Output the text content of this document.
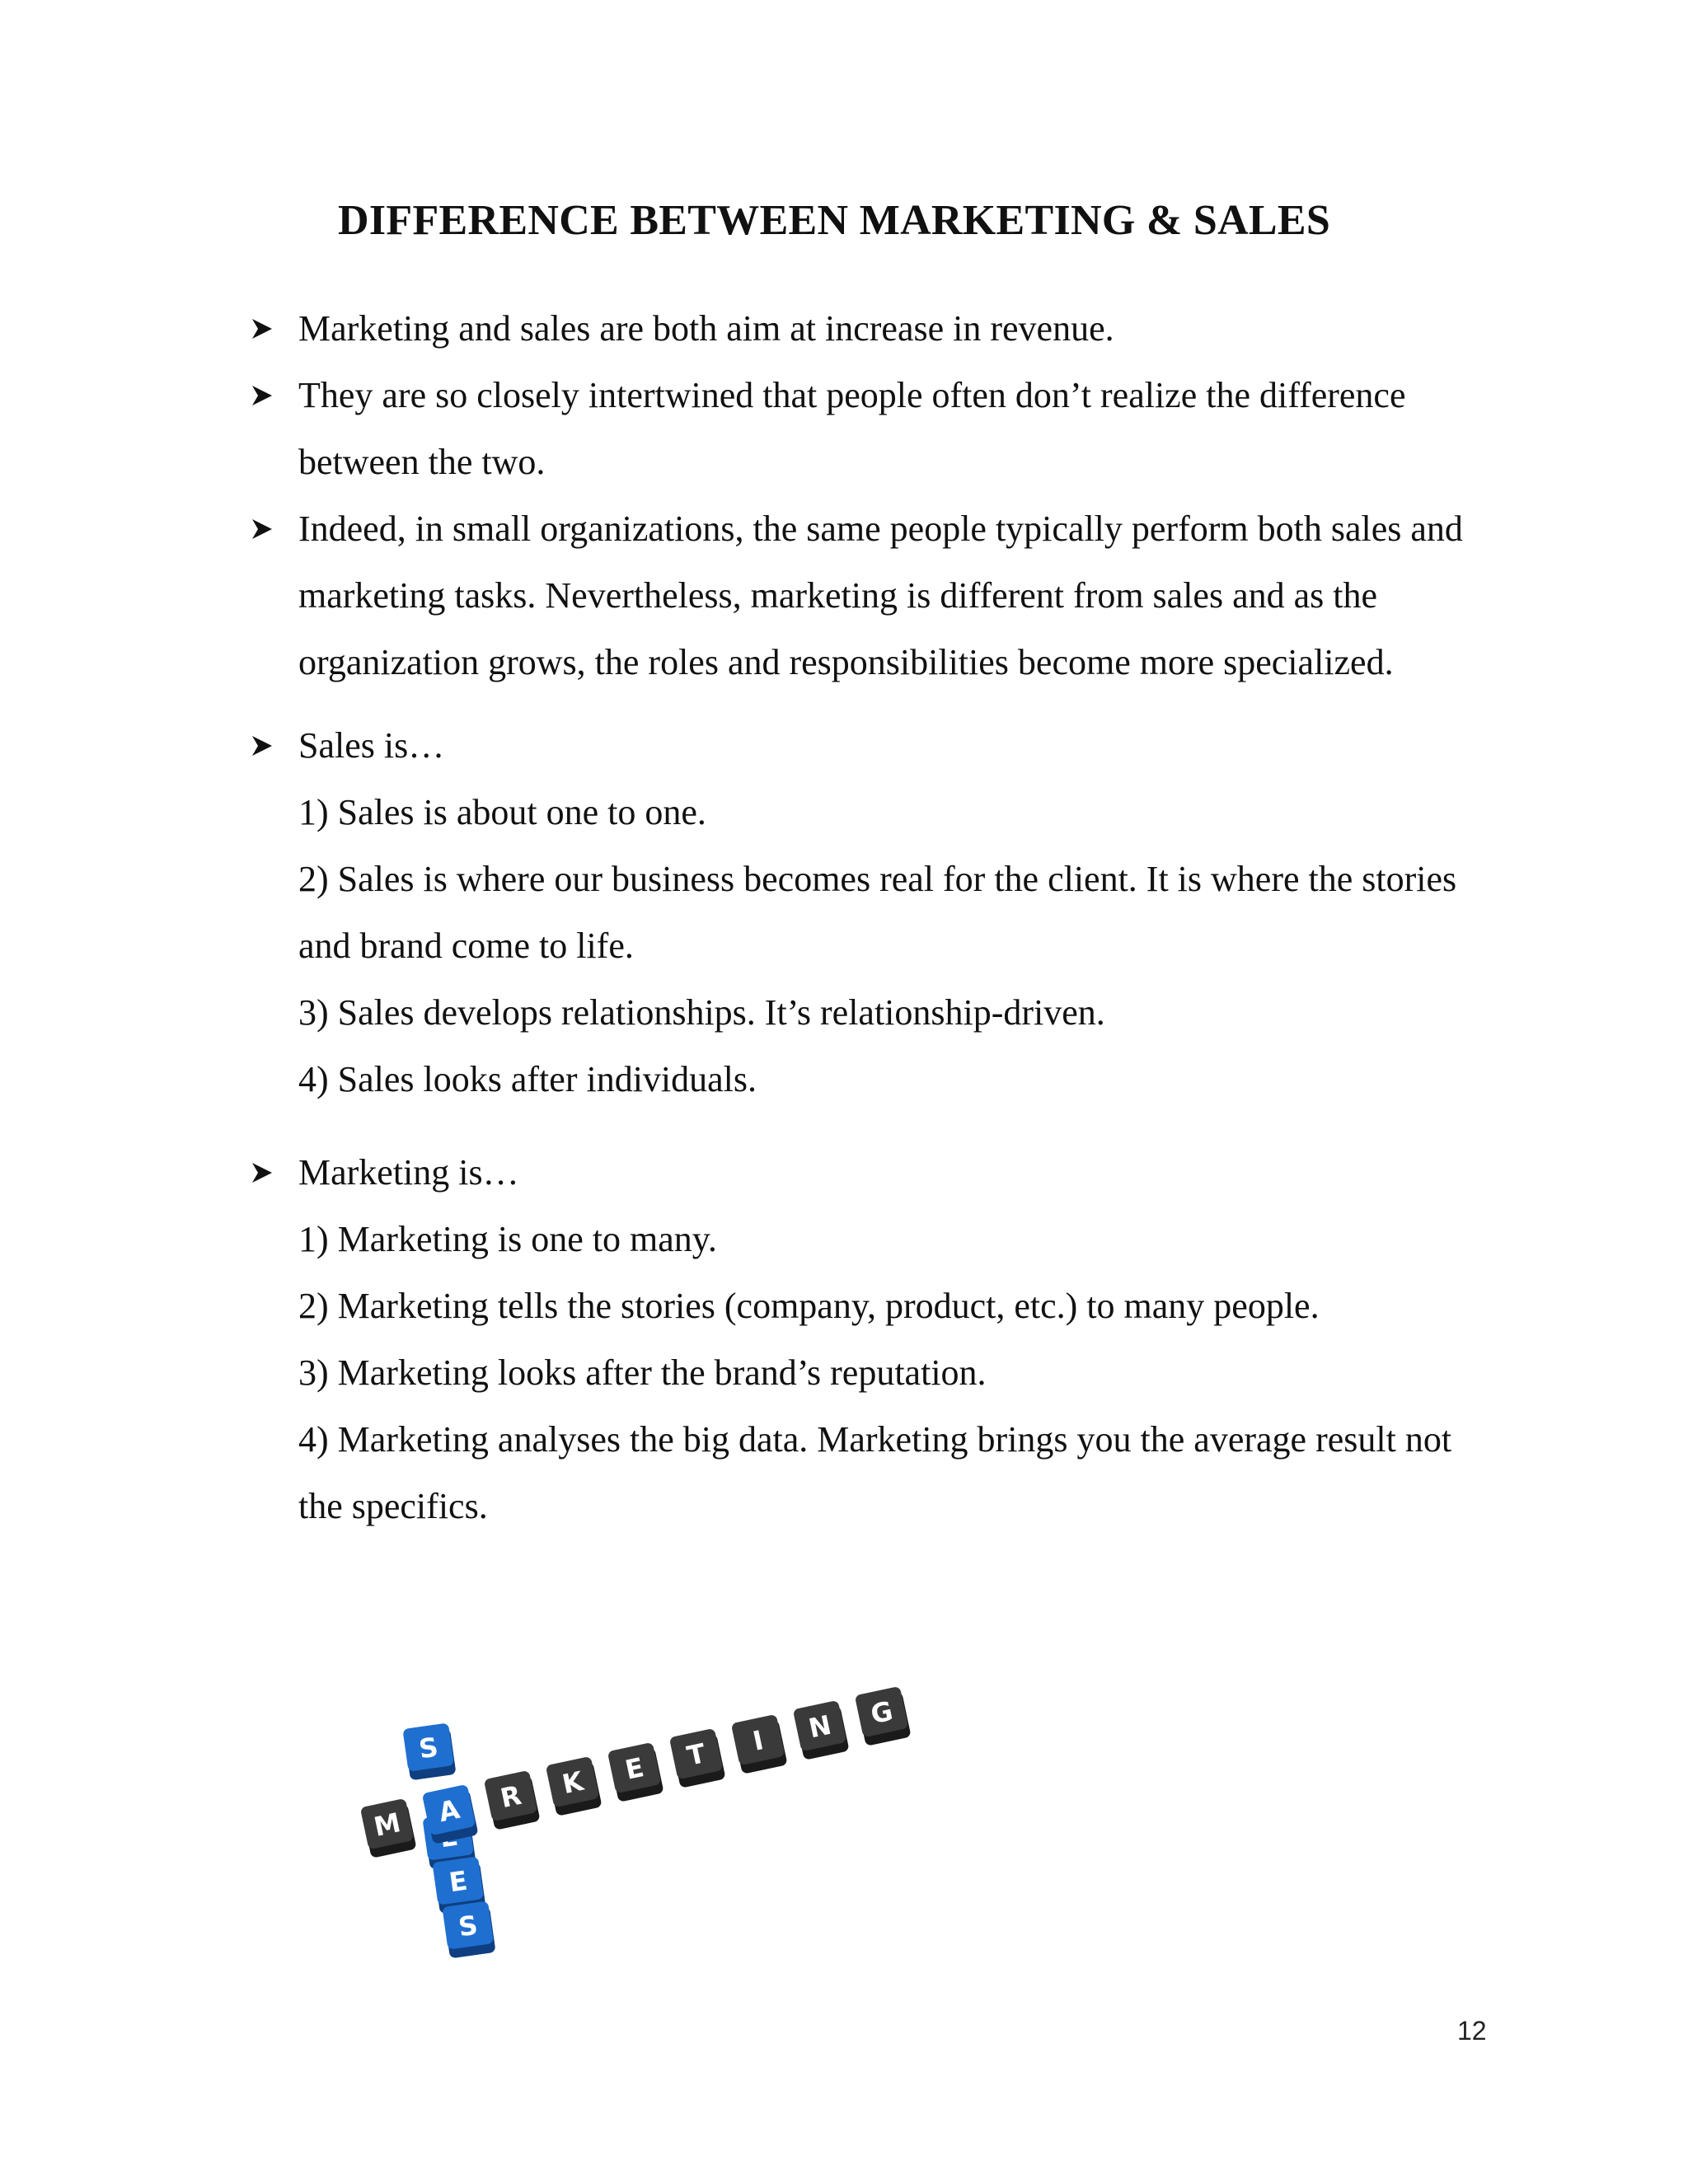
DIFFERENCE BETWEEN MARKETING & SALES

Marketing and sales are both aim at increase in revenue.

They are so closely intertwined that people often don’t realize the difference between the two.

Indeed, in small organizations, the same people typically perform both sales and marketing tasks. Nevertheless, marketing is different from sales and as the organization grows, the roles and responsibilities become more specialized.

Sales is…

1) Sales is about one to one.

2) Sales is where our business becomes real for the client. It is where the stories and brand come to life.

3) Sales develops relationships. It’s relationship-driven.

4) Sales looks after individuals.

Marketing is…

1) Marketing is one to many.

2) Marketing tells the stories (company, product, etc.) to many people.

3) Marketing looks after the brand’s reputation.

4) Marketing analyses the big data. Marketing brings you the average result not the specifics.

S
E
S
M A R K E T I N G
12
